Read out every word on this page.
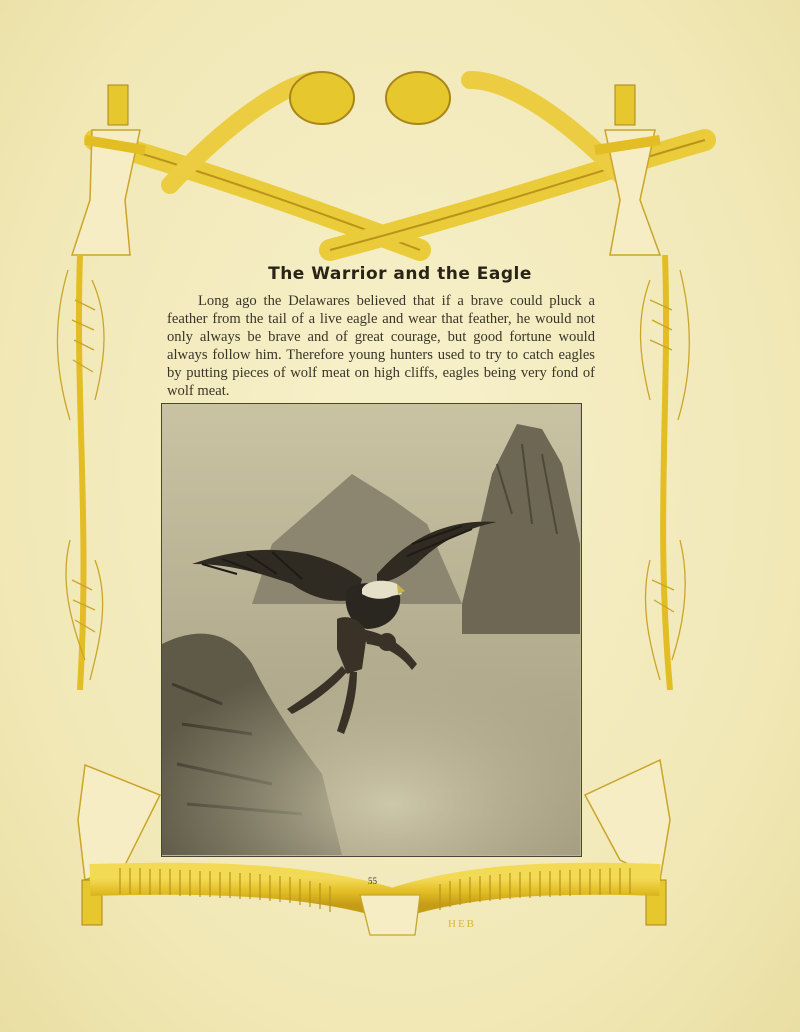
The Warrior and the Eagle

Long ago the Delawares believed that if a brave could pluck a feather from the tail of a live eagle and wear that feather, he would not only always be brave and of great courage, but good fortune would always follow him. Therefore young hunters used to try to catch eagles by putting pieces of wolf meat on high cliffs, eagles being very fond of wolf meat.

55
HEB
